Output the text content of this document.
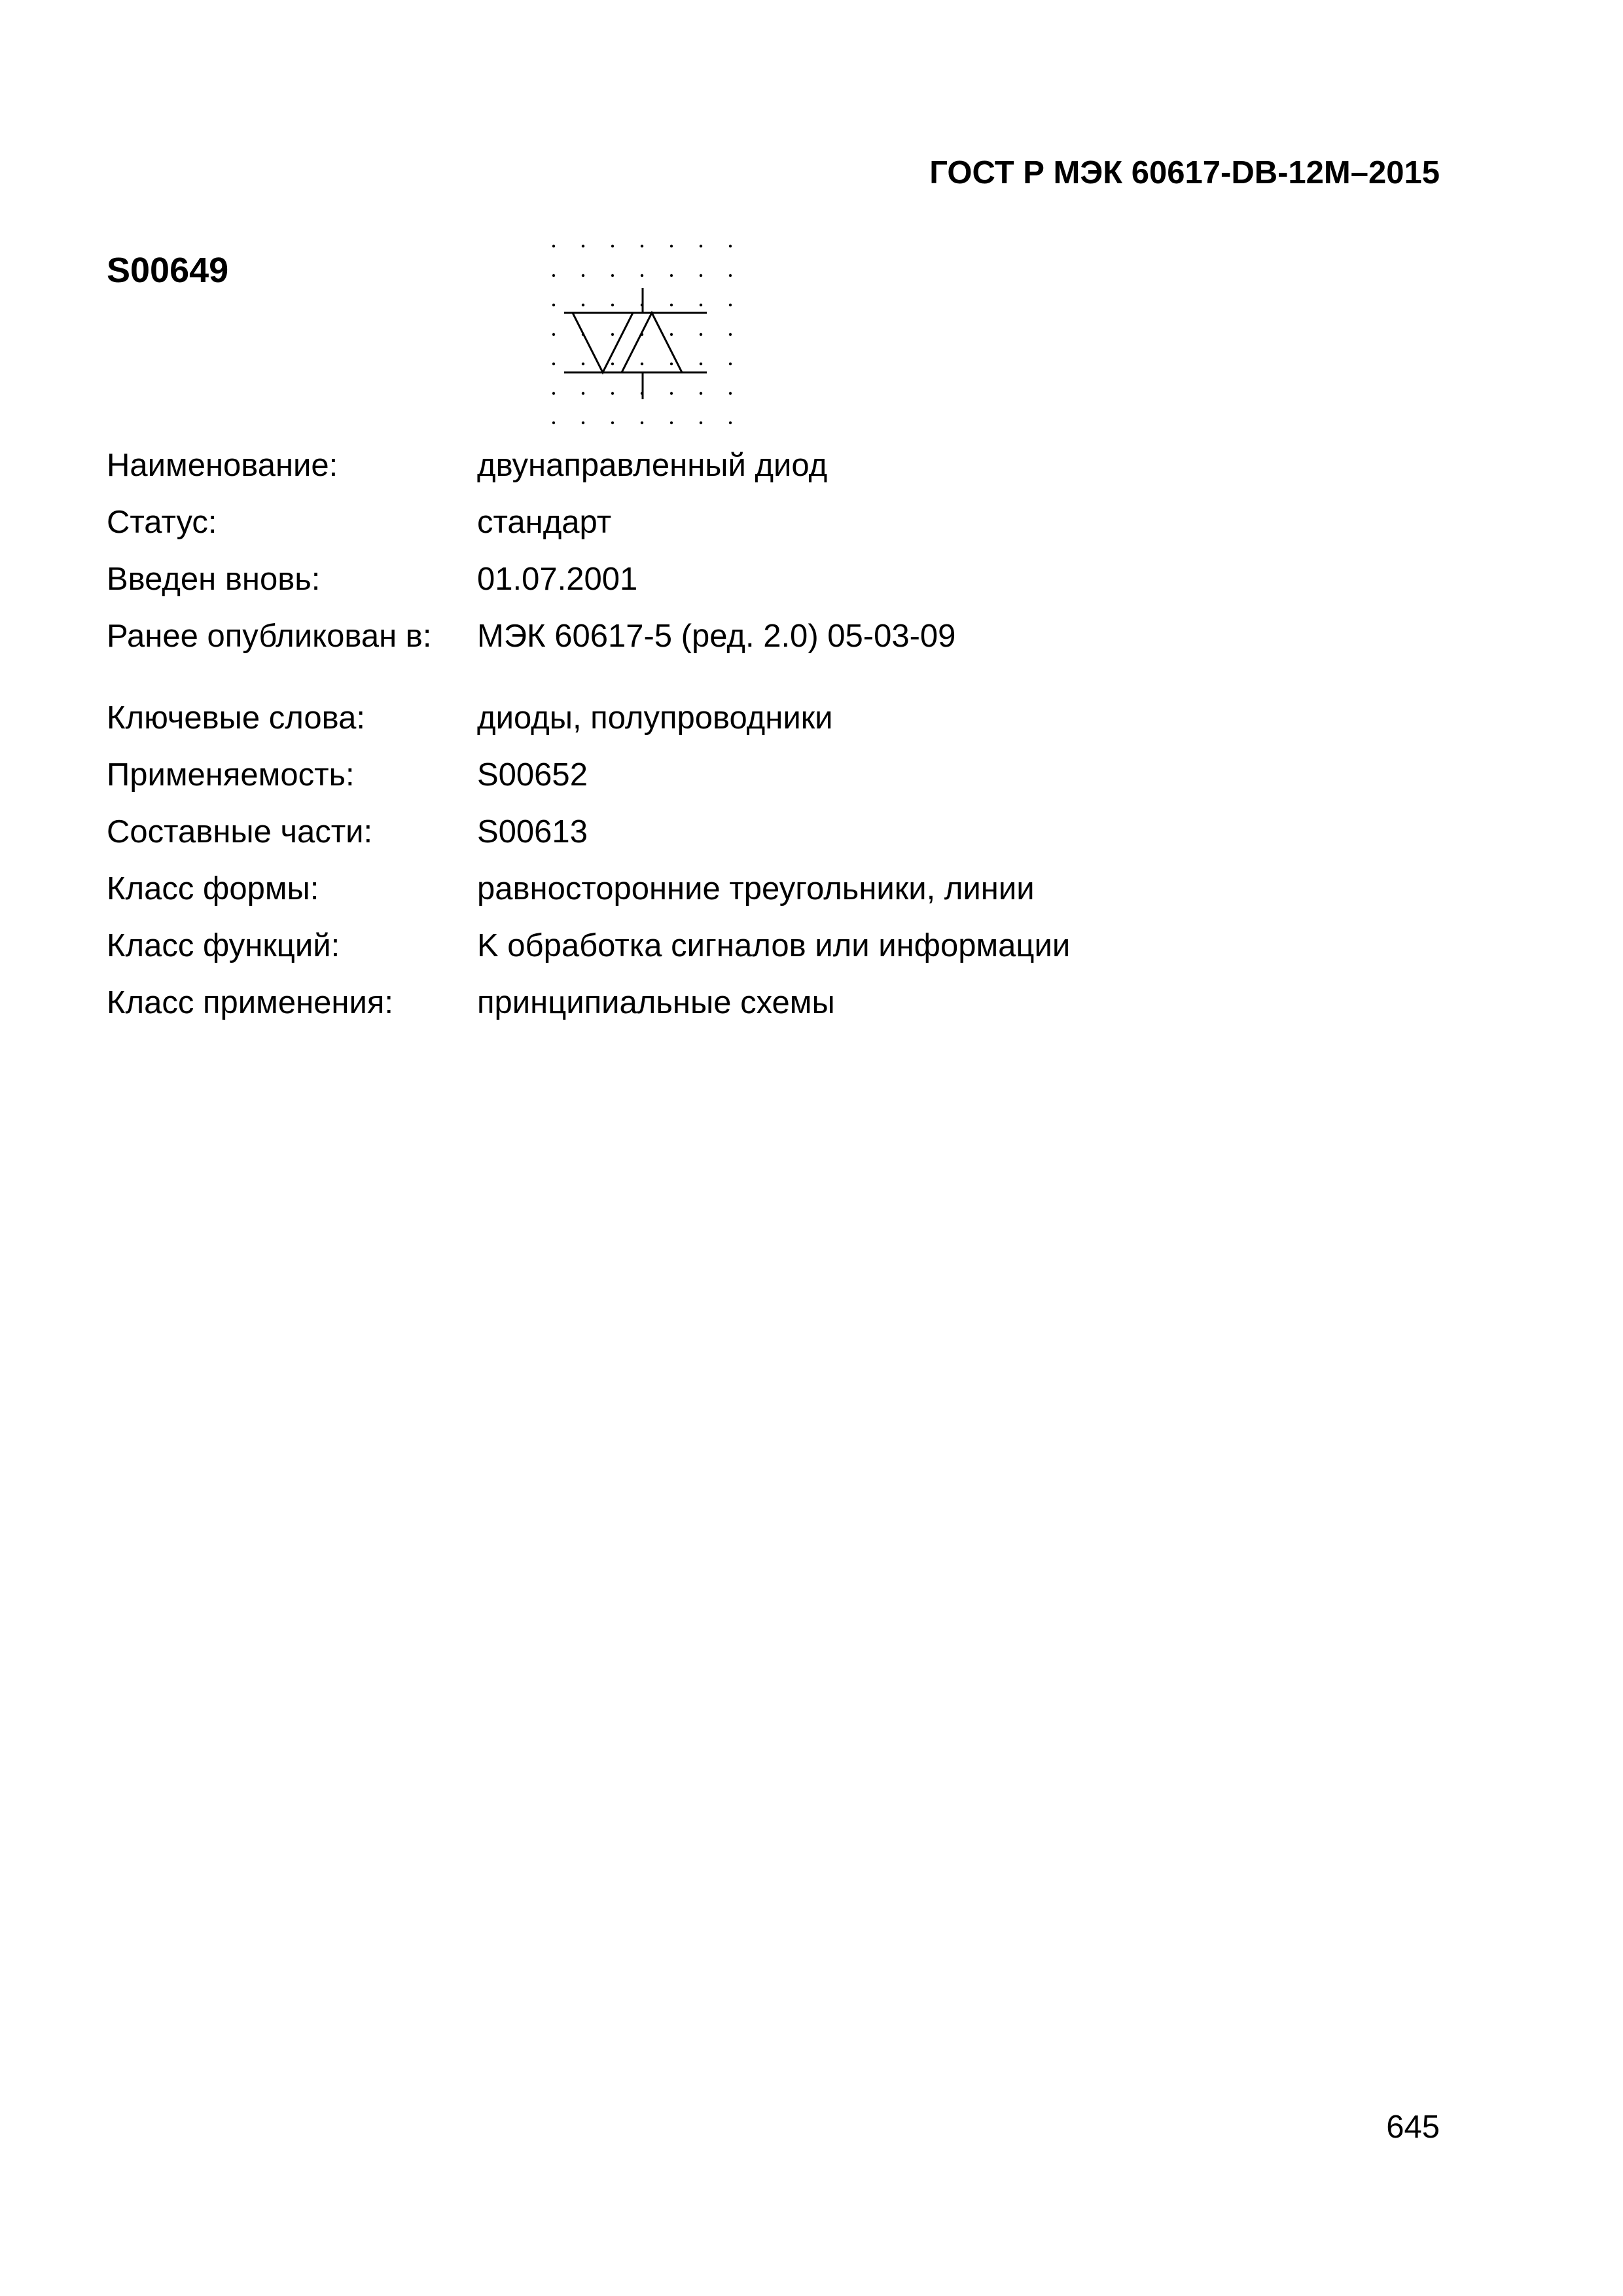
ГОСТ Р МЭК 60617-DB-12M–2015
S00649
Наименование:	двунаправленный диод
Статус:	стандарт
Введен вновь:	01.07.2001
Ранее опубликован в: МЭК 60617-5 (ред. 2.0) 05-03-09
Ключевые слова:	диоды, полупроводники
Применяемость:	S00652
Составные части:	S00613
Класс формы:	равносторонние треугольники, линии
Класс функций:	K обработка сигналов или информации
Класс применения:	принципиальные схемы
645
